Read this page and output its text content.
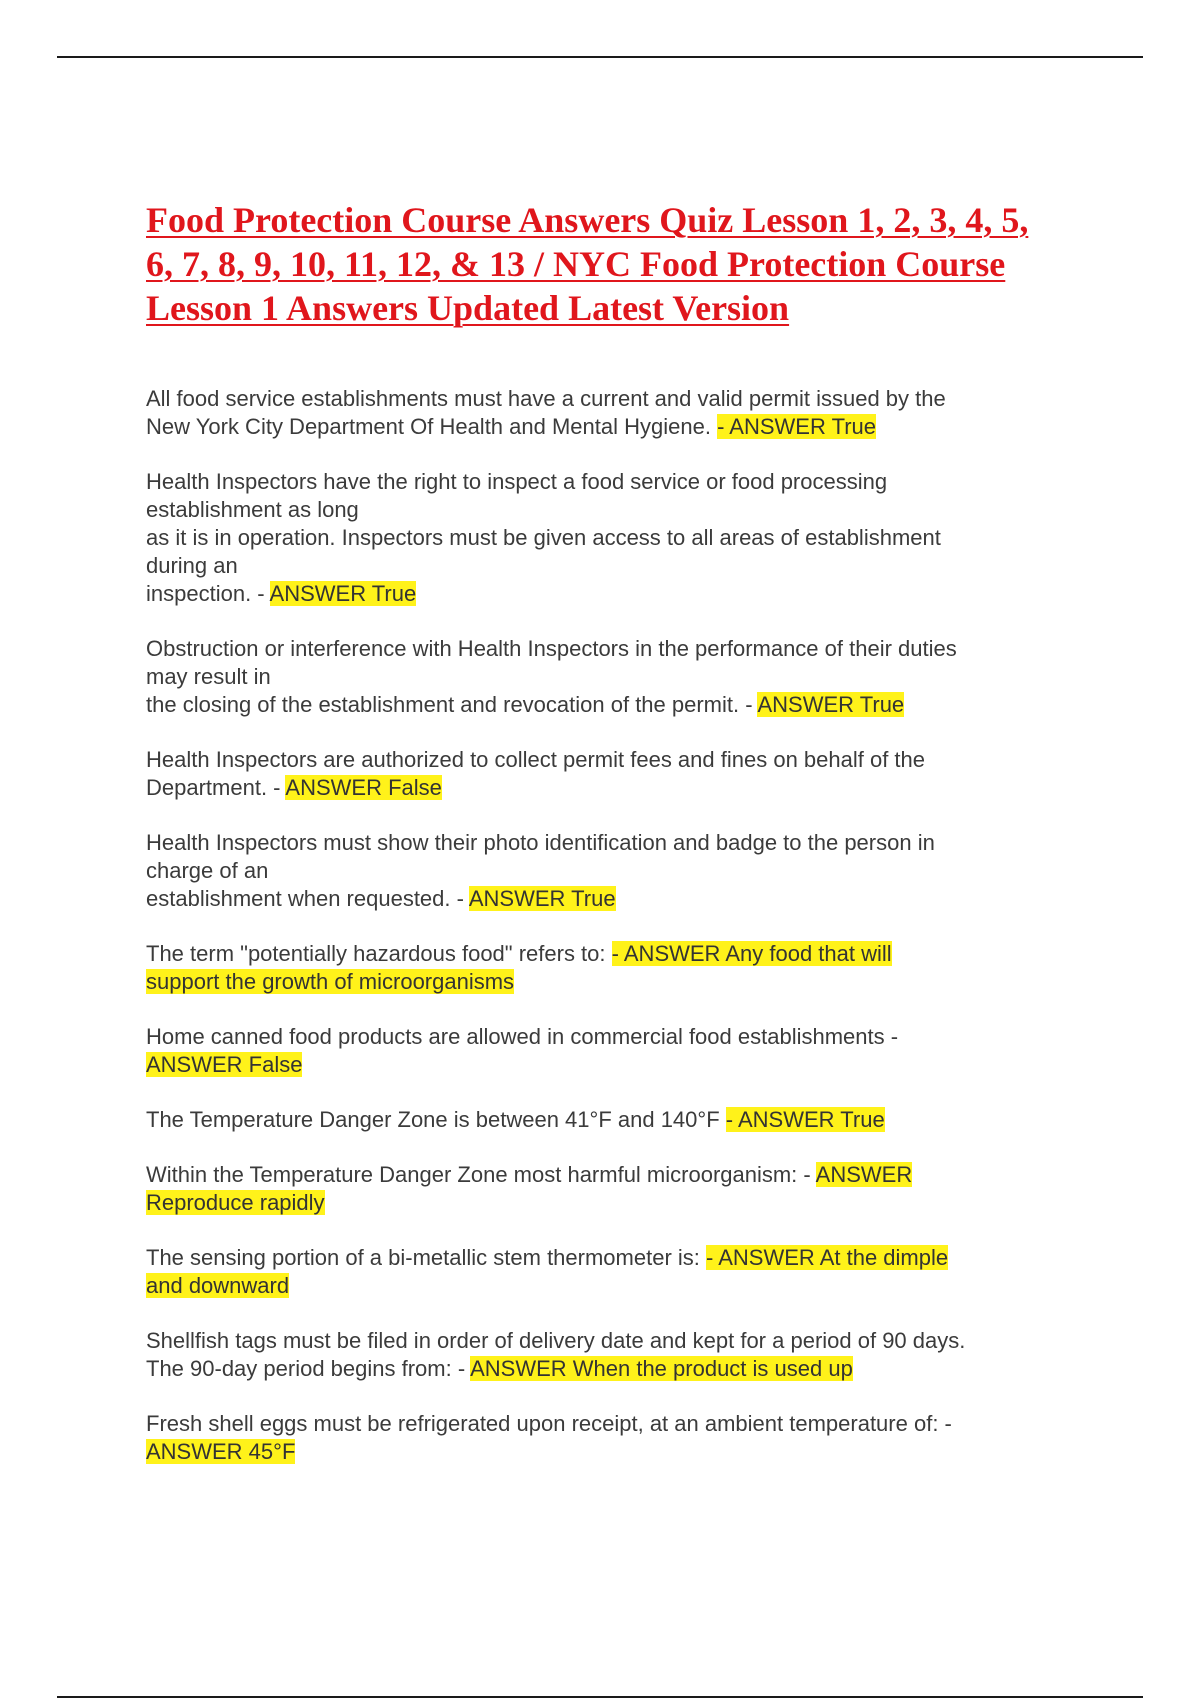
Food Protection Course Answers Quiz Lesson 1, 2, 3, 4, 5, 6, 7, 8, 9, 10, 11, 12, & 13 / NYC Food Protection Course Lesson 1 Answers Updated Latest Version

All food service establishments must have a current and valid permit issued by the
New York City Department Of Health and Mental Hygiene. - ANSWER True

Health Inspectors have the right to inspect a food service or food processing
establishment as long
as it is in operation. Inspectors must be given access to all areas of establishment
during an
inspection. - ANSWER True

Obstruction or interference with Health Inspectors in the performance of their duties
may result in
the closing of the establishment and revocation of the permit. - ANSWER True

Health Inspectors are authorized to collect permit fees and fines on behalf of the
Department. - ANSWER False

Health Inspectors must show their photo identification and badge to the person in
charge of an
establishment when requested. - ANSWER True

The term "potentially hazardous food" refers to: - ANSWER Any food that will
support the growth of microorganisms

Home canned food products are allowed in commercial food establishments -
ANSWER False

The Temperature Danger Zone is between 41°F and 140°F - ANSWER True

Within the Temperature Danger Zone most harmful microorganism: - ANSWER
Reproduce rapidly

The sensing portion of a bi-metallic stem thermometer is: - ANSWER At the dimple
and downward

Shellfish tags must be filed in order of delivery date and kept for a period of 90 days.
The 90-day period begins from: - ANSWER When the product is used up

Fresh shell eggs must be refrigerated upon receipt, at an ambient temperature of: -
ANSWER 45°F
